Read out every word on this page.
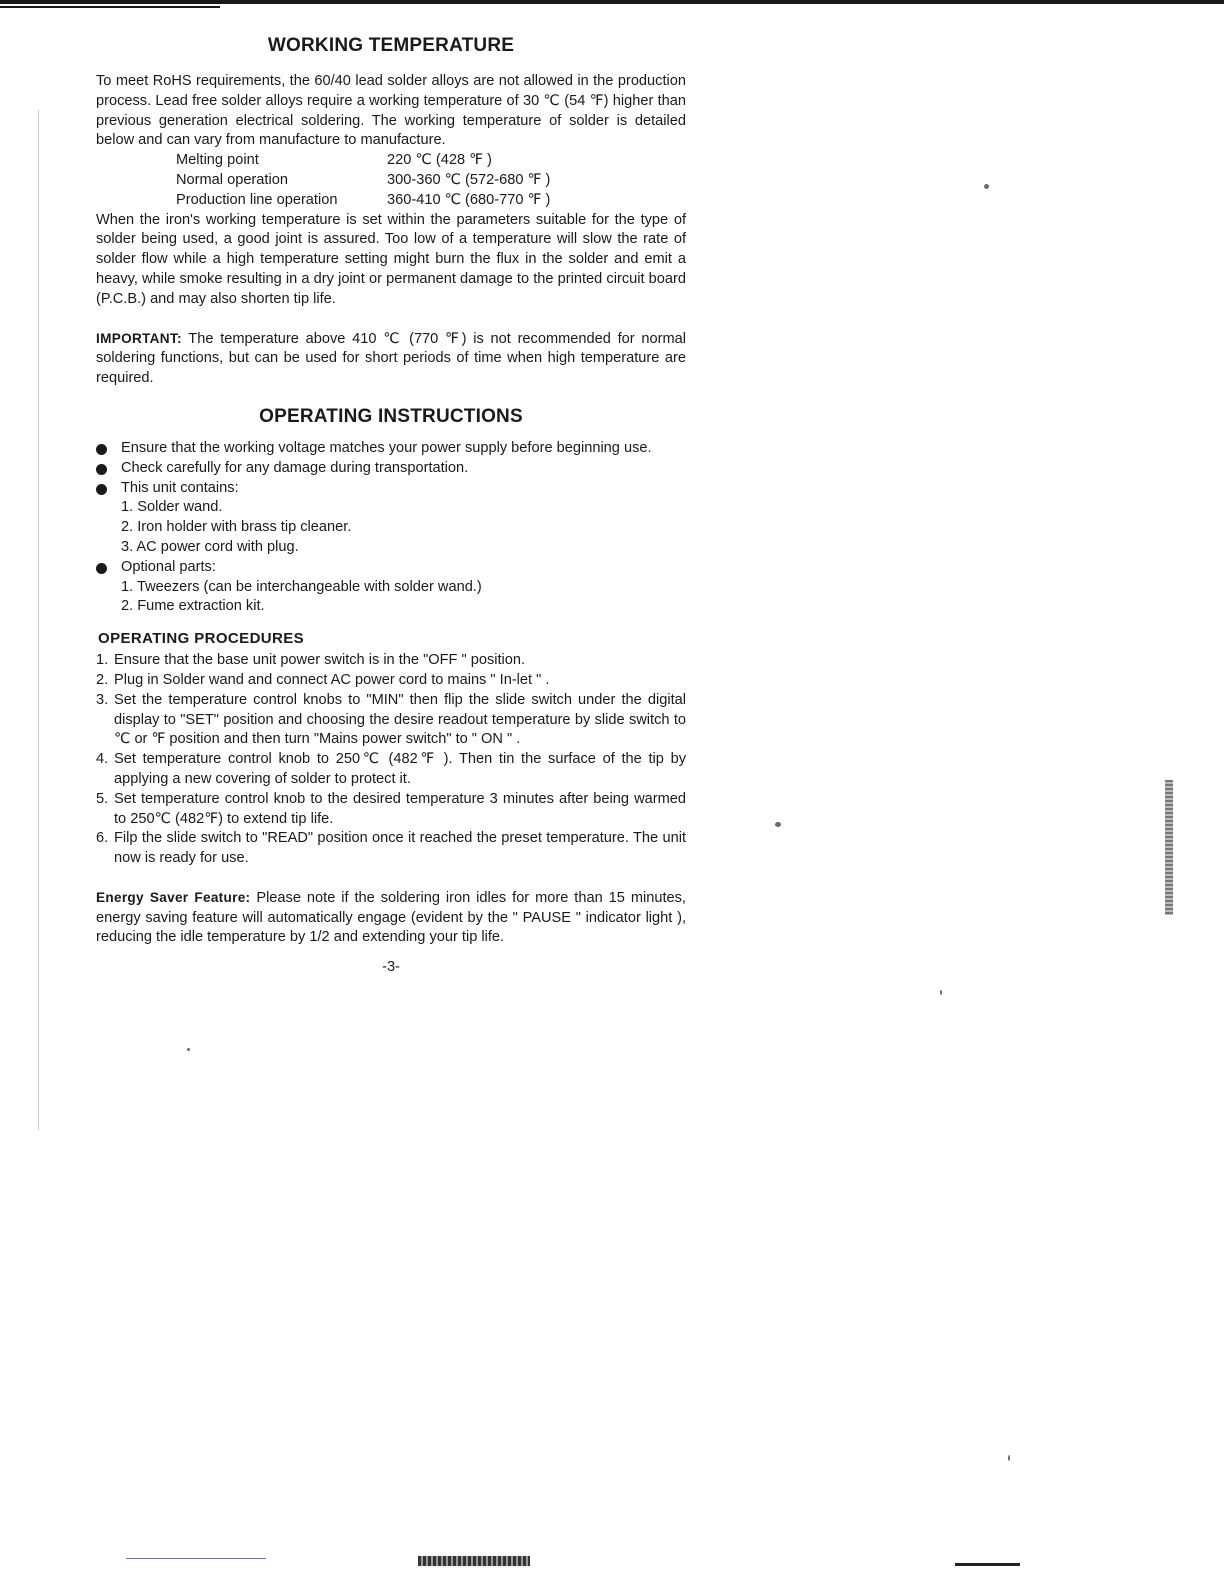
WORKING TEMPERATURE

To meet RoHS requirements, the 60/40 lead solder alloys are not allowed in the production process. Lead free solder alloys require a working temperature of 30 ℃ (54 ℉) higher than previous generation electrical soldering. The working temperature of solder is detailed below and can vary from manufacture to manufacture.

Melting point	220 ℃ (428 ℉ )
Normal operation	300-360 ℃ (572-680 ℉ )
Production line operation	360-410 ℃ (680-770 ℉ )

When the iron's working temperature is set within the parameters suitable for the type of solder being used, a good joint is assured. Too low of a temperature will slow the rate of solder flow while a high temperature setting might burn the flux in the solder and emit a heavy, while smoke resulting in a dry joint or permanent damage to the printed circuit board (P.C.B.) and may also shorten tip life.

IMPORTANT: The temperature above 410 ℃ (770 ℉) is not recommended for normal soldering functions, but can be used for short periods of time when high temperature are required.

OPERATING INSTRUCTIONS
Ensure that the working voltage matches your power supply before beginning use.
Check carefully for any damage during transportation.
This unit contains:
1. Solder wand.
2. Iron holder with brass tip cleaner.
3. AC power cord with plug.
Optional parts:
1. Tweezers (can be interchangeable with solder wand.)
2. Fume extraction kit.
OPERATING PROCEDURES
1. Ensure that the base unit power switch is in the "OFF " position.
2. Plug in Solder wand and connect AC power cord to mains " In-let " .
3. Set the temperature control knobs to "MIN" then flip the slide switch under the digital display to "SET" position and choosing the desire readout temperature by slide switch to ℃ or ℉ position and then turn "Mains power switch" to " ON " .
4. Set temperature control knob to 250℃ (482℉ ). Then tin the surface of the tip by applying a new covering of solder to protect it.
5. Set temperature control knob to the desired temperature 3 minutes after being warmed to 250℃ (482℉) to extend tip life.
6. Filp the slide switch to "READ" position once it reached the preset temperature. The unit now is ready for use.

Energy Saver Feature: Please note if the soldering iron idles for more than 15 minutes, energy saving feature will automatically engage (evident by the " PAUSE " indicator light ), reducing the idle temperature by 1/2 and extending your tip life.

-3-
